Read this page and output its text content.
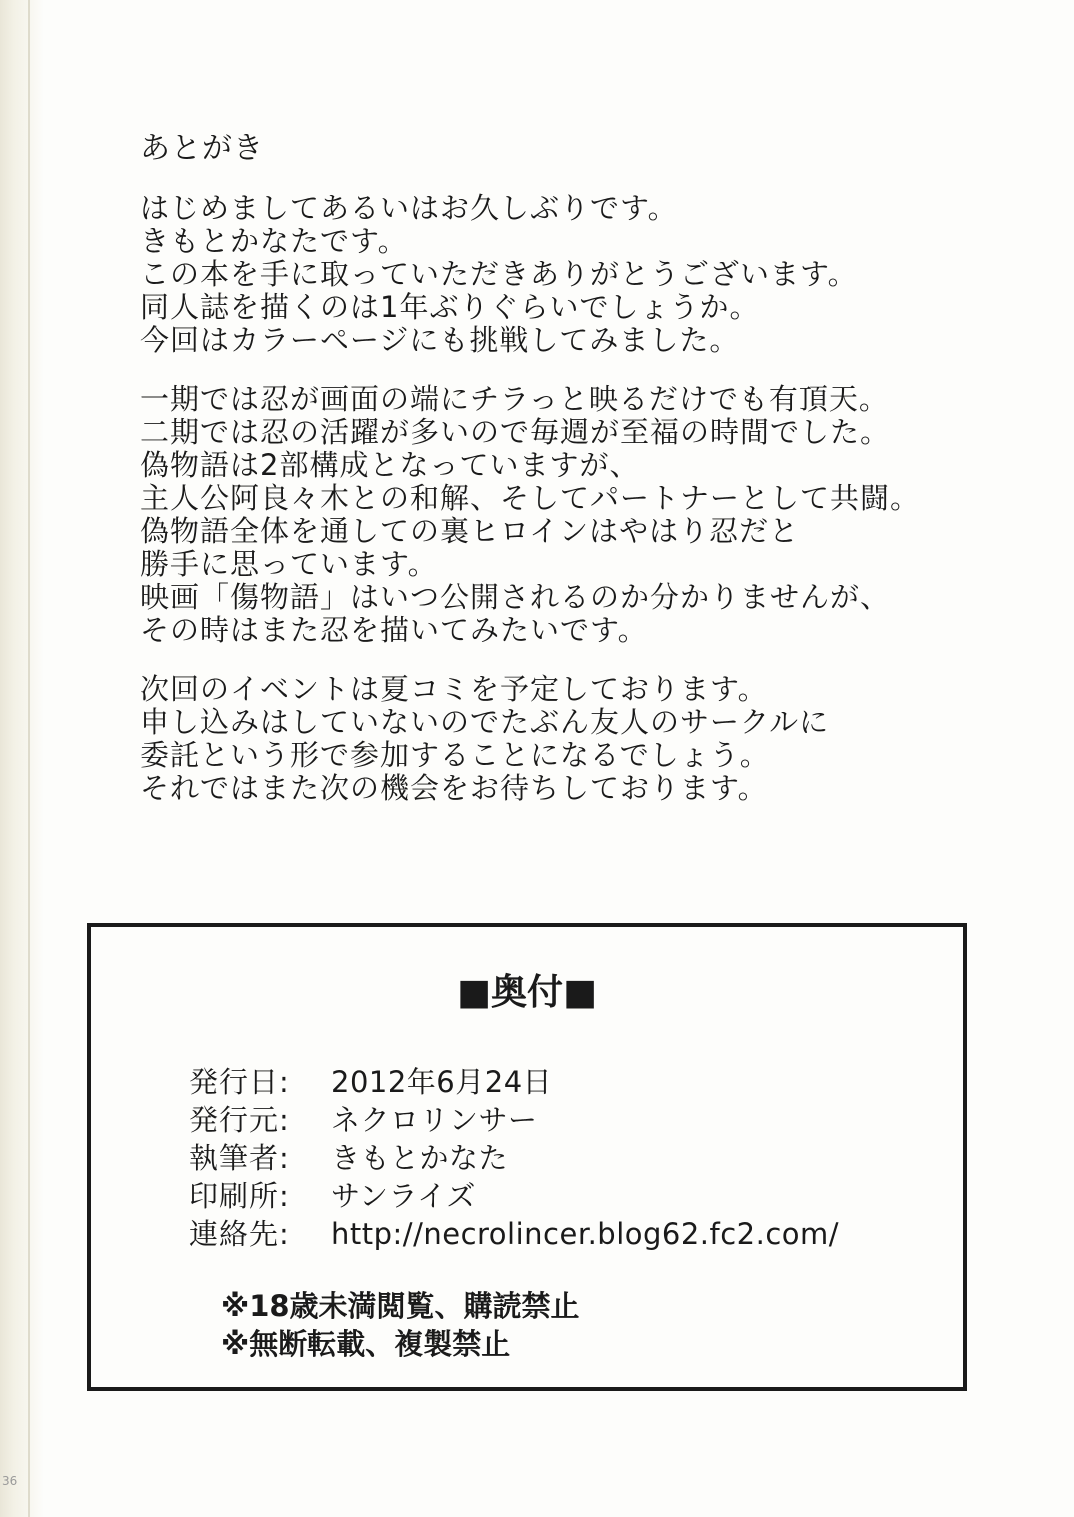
あとがき
はじめましてあるいはお久しぶりです。
きもとかなたです。
この本を手に取っていただきありがとうございます。
同人誌を描くのは1年ぶりぐらいでしょうか。
今回はカラーページにも挑戦してみました。
一期では忍が画面の端にチラっと映るだけでも有頂天。
二期では忍の活躍が多いので毎週が至福の時間でした。
偽物語は2部構成となっていますが、
主人公阿良々木との和解、そしてパートナーとして共闘。
偽物語全体を通しての裏ヒロインはやはり忍だと
勝手に思っています。
映画「傷物語」はいつ公開されるのか分かりませんが、
その時はまた忍を描いてみたいです。
次回のイベントは夏コミを予定しております。
申し込みはしていないのでたぶん友人のサークルに
委託という形で参加することになるでしょう。
それではまた次の機会をお待ちしております。
■奥付■
発行日: 2012年6月24日
発行元: ネクロリンサー
執筆者: きもとかなた
印刷所: サンライズ
連絡先: http://necrolincer.blog62.fc2.com/
※18歳未満閲覧、購読禁止
※無断転載、複製禁止
36
